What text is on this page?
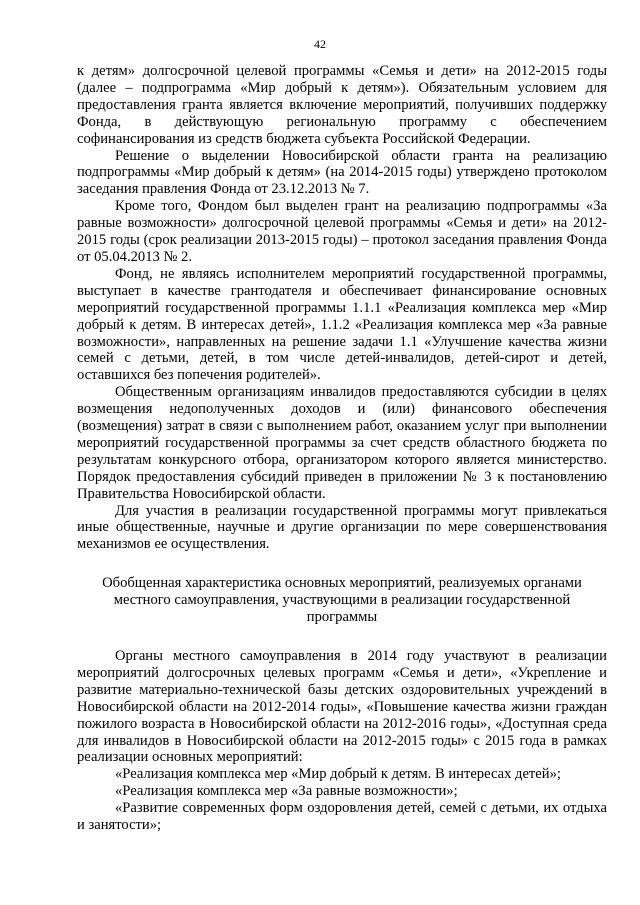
42

к детям» долгосрочной целевой программы «Семья и дети» на 2012-2015 годы (далее – подпрограмма «Мир добрый к детям»). Обязательным условием для предоставления гранта является включение мероприятий, получивших поддержку Фонда, в действующую региональную программу с обеспечением софинансирования из средств бюджета субъекта Российской Федерации.

Решение о выделении Новосибирской области гранта на реализацию подпрограммы «Мир добрый к детям» (на 2014-2015 годы) утверждено протоколом заседания правления Фонда от 23.12.2013 № 7.

Кроме того, Фондом был выделен грант на реализацию подпрограммы «За равные возможности» долгосрочной целевой программы «Семья и дети» на 2012-2015 годы (срок реализации 2013-2015 годы) – протокол заседания правления Фонда от 05.04.2013 № 2.

Фонд, не являясь исполнителем мероприятий государственной программы, выступает в качестве грантодателя и обеспечивает финансирование основных мероприятий государственной программы 1.1.1 «Реализация комплекса мер «Мир добрый к детям. В интересах детей», 1.1.2 «Реализация комплекса мер «За равные возможности», направленных на решение задачи 1.1 «Улучшение качества жизни семей с детьми, детей, в том числе детей-инвалидов, детей-сирот и детей, оставшихся без попечения родителей».

Общественным организациям инвалидов предоставляются субсидии в целях возмещения недополученных доходов и (или) финансового обеспечения (возмещения) затрат в связи с выполнением работ, оказанием услуг при выполнении мероприятий государственной программы за счет средств областного бюджета по результатам конкурсного отбора, организатором которого является министерство. Порядок предоставления субсидий приведен в приложении № 3 к постановлению Правительства Новосибирской области.

Для участия в реализации государственной программы могут привлекаться иные общественные, научные и другие организации по мере совершенствования механизмов ее осуществления.

Обобщенная характеристика основных мероприятий, реализуемых органами местного самоуправления, участвующими в реализации государственной программы

Органы местного самоуправления в 2014 году участвуют в реализации мероприятий долгосрочных целевых программ «Семья и дети», «Укрепление и развитие материально-технической базы детских оздоровительных учреждений в Новосибирской области на 2012-2014 годы», «Повышение качества жизни граждан пожилого возраста в Новосибирской области на 2012-2016 годы», «Доступная среда для инвалидов в Новосибирской области на 2012-2015 годы» с 2015 года в рамках реализации основных мероприятий:

«Реализация комплекса мер «Мир добрый к детям. В интересах детей»;

«Реализация комплекса мер «За равные возможности»;

«Развитие современных форм оздоровления детей, семей с детьми, их отдыха и занятости»;
